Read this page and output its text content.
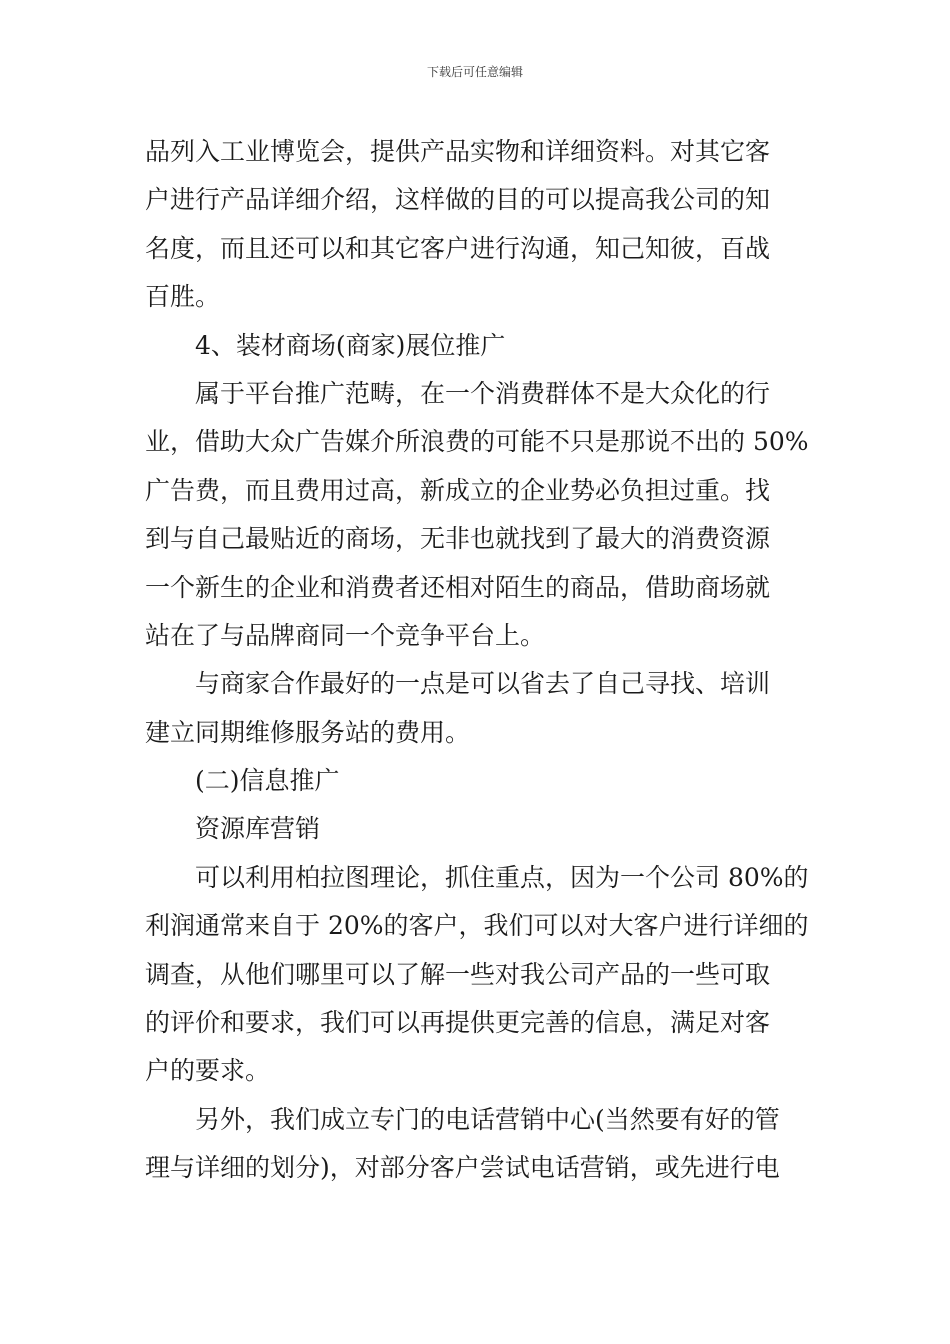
下载后可任意编辑
品列入工业博览会，提供产品实物和详细资料。对其它客
户进行产品详细介绍，这样做的目的可以提高我公司的知
名度，而且还可以和其它客户进行沟通，知己知彼，百战
百胜。
4、装材商场(商家)展位推广
属于平台推广范畴，在一个消费群体不是大众化的行
业，借助大众广告媒介所浪费的可能不只是那说不出的 50%
广告费，而且费用过高，新成立的企业势必负担过重。找
到与自己最贴近的商场，无非也就找到了最大的消费资源
一个新生的企业和消费者还相对陌生的商品，借助商场就
站在了与品牌商同一个竞争平台上。
与商家合作最好的一点是可以省去了自己寻找、培训
建立同期维修服务站的费用。
(二)信息推广
资源库营销
可以利用柏拉图理论，抓住重点，因为一个公司 80%的
利润通常来自于 20%的客户，我们可以对大客户进行详细的
调查，从他们哪里可以了解一些对我公司产品的一些可取
的评价和要求，我们可以再提供更完善的信息，满足对客
户的要求。
另外，我们成立专门的电话营销中心(当然要有好的管
理与详细的划分)，对部分客户尝试电话营销，或先进行电
